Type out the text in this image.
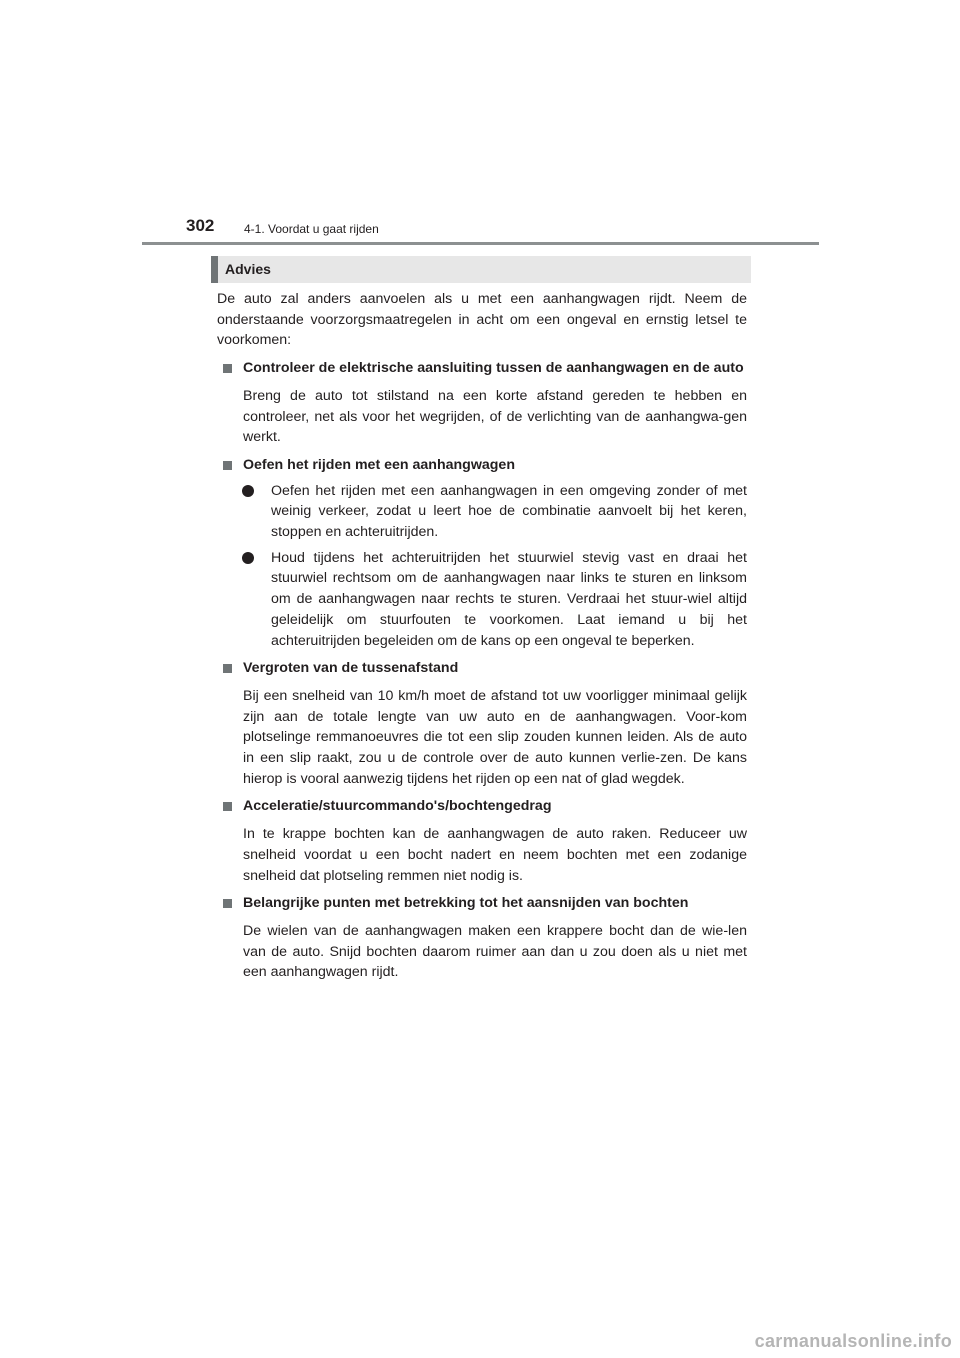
302 4-1. Voordat u gaat rijden
Advies

De auto zal anders aanvoelen als u met een aanhangwagen rijdt. Neem de onderstaande voorzorgsmaatregelen in acht om een ongeval en ernstig letsel te voorkomen:

Controleer de elektrische aansluiting tussen de aanhangwagen en de auto

Breng de auto tot stilstand na een korte afstand gereden te hebben en controleer, net als voor het wegrijden, of de verlichting van de aanhangwa-gen werkt.

Oefen het rijden met een aanhangwagen
Oefen het rijden met een aanhangwagen in een omgeving zonder of met weinig verkeer, zodat u leert hoe de combinatie aanvoelt bij het keren, stoppen en achteruitrijden.
Houd tijdens het achteruitrijden het stuurwiel stevig vast en draai het stuurwiel rechtsom om de aanhangwagen naar links te sturen en linksom om de aanhangwagen naar rechts te sturen. Verdraai het stuur-wiel altijd geleidelijk om stuurfouten te voorkomen. Laat iemand u bij het achteruitrijden begeleiden om de kans op een ongeval te beperken.
Vergroten van de tussenafstand

Bij een snelheid van 10 km/h moet de afstand tot uw voorligger minimaal gelijk zijn aan de totale lengte van uw auto en de aanhangwagen. Voor-kom plotselinge remmanoeuvres die tot een slip zouden kunnen leiden. Als de auto in een slip raakt, zou u de controle over de auto kunnen verlie-zen. De kans hierop is vooral aanwezig tijdens het rijden op een nat of glad wegdek.

Acceleratie/stuurcommando's/bochtengedrag

In te krappe bochten kan de aanhangwagen de auto raken. Reduceer uw snelheid voordat u een bocht nadert en neem bochten met een zodanige snelheid dat plotseling remmen niet nodig is.

Belangrijke punten met betrekking tot het aansnijden van bochten

De wielen van de aanhangwagen maken een krappere bocht dan de wie-len van de auto. Snijd bochten daarom ruimer aan dan u zou doen als u niet met een aanhangwagen rijdt.

carmanualsonline.info
